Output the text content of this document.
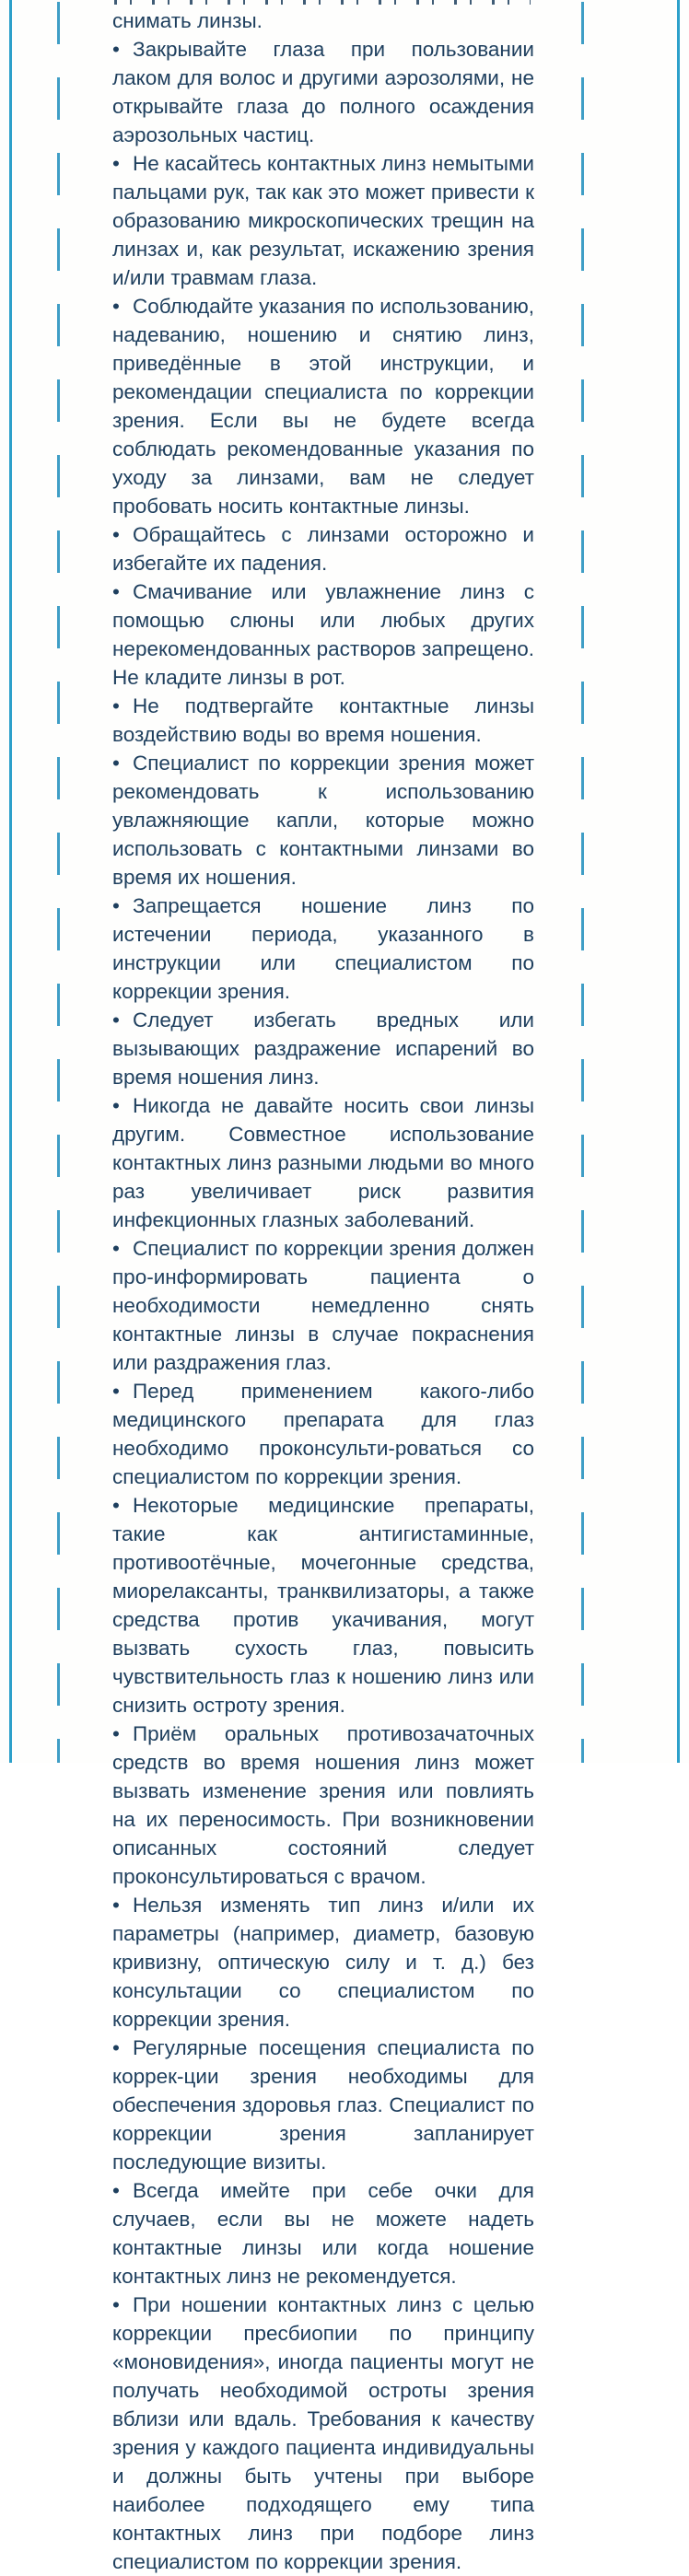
снимать линзы.

• Закрывайте глаза при пользовании лаком для волос и другими аэрозолями, не открывайте глаза до полного осаждения аэрозольных частиц.

• Не касайтесь контактных линз немытыми пальцами рук, так как это может привести к образованию микроскопических трещин на линзах и, как результат, искажению зрения и/или травмам глаза.

• Соблюдайте указания по использованию, надеванию, ношению и снятию линз, приведённые в этой инструкции, и рекомендации специалиста по коррекции зрения. Если вы не будете всегда соблюдать рекомендованные указания по уходу за линзами, вам не следует пробовать носить контактные линзы.

• Обращайтесь с линзами осторожно и избегайте их падения.

• Смачивание или увлажнение линз с помощью слюны или любых других нерекомендованных растворов запрещено. Не кладите линзы в рот.

• Не подтвергайте контактные линзы воздействию воды во время ношения.

• Специалист по коррекции зрения может рекомендовать к использованию увлажняющие капли, которые можно использовать с контактными линзами во время их ношения.

• Запрещается ношение линз по истечении периода, указанного в инструкции или специалистом по коррекции зрения.

• Следует избегать вредных или вызывающих раздражение испарений во время ношения линз.

• Никогда не давайте носить свои линзы другим. Совместное использование контактных линз разными людьми во много раз увеличивает риск развития инфекционных глазных заболеваний.

• Специалист по коррекции зрения должен про-информировать пациента о необходимости немедленно снять контактные линзы в случае покраснения или раздражения глаз.

• Перед применением какого-либо медицинского препарата для глаз необходимо проконсульти-роваться со специалистом по коррекции зрения.

• Некоторые медицинские препараты, такие как антигистаминные, противоотёчные, мочегонные средства, миорелаксанты, транквилизаторы, а также средства против укачивания, могут вызвать сухость глаз, повысить чувствительность глаз к ношению линз или снизить остроту зрения.

• Приём оральных противозачаточных средств во время ношения линз может вызвать изменение зрения или повлиять на их переносимость. При возникновении описанных состояний следует проконсультироваться с врачом.

• Нельзя изменять тип линз и/или их параметры (например, диаметр, базовую кривизну, оптическую силу и т. д.) без консультации со специалистом по коррекции зрения.

• Регулярные посещения специалиста по коррек-ции зрения необходимы для обеспечения здоровья глаз. Специалист по коррекции зрения запланирует последующие визиты.

• Всегда имейте при себе очки для случаев, если вы не можете надеть контактные линзы или когда ношение контактных линз не рекомендуется.

• При ношении контактных линз с целью коррекции пресбиопии по принципу «моновидения», иногда пациенты могут не получать необходимой остроты зрения вблизи или вдаль. Требования к качеству зрения у каждого пациента индивидуальны и должны быть учтены при выборе наиболее подходящего ему типа контактных линз при подборе линз специалистом по коррекции зрения.
